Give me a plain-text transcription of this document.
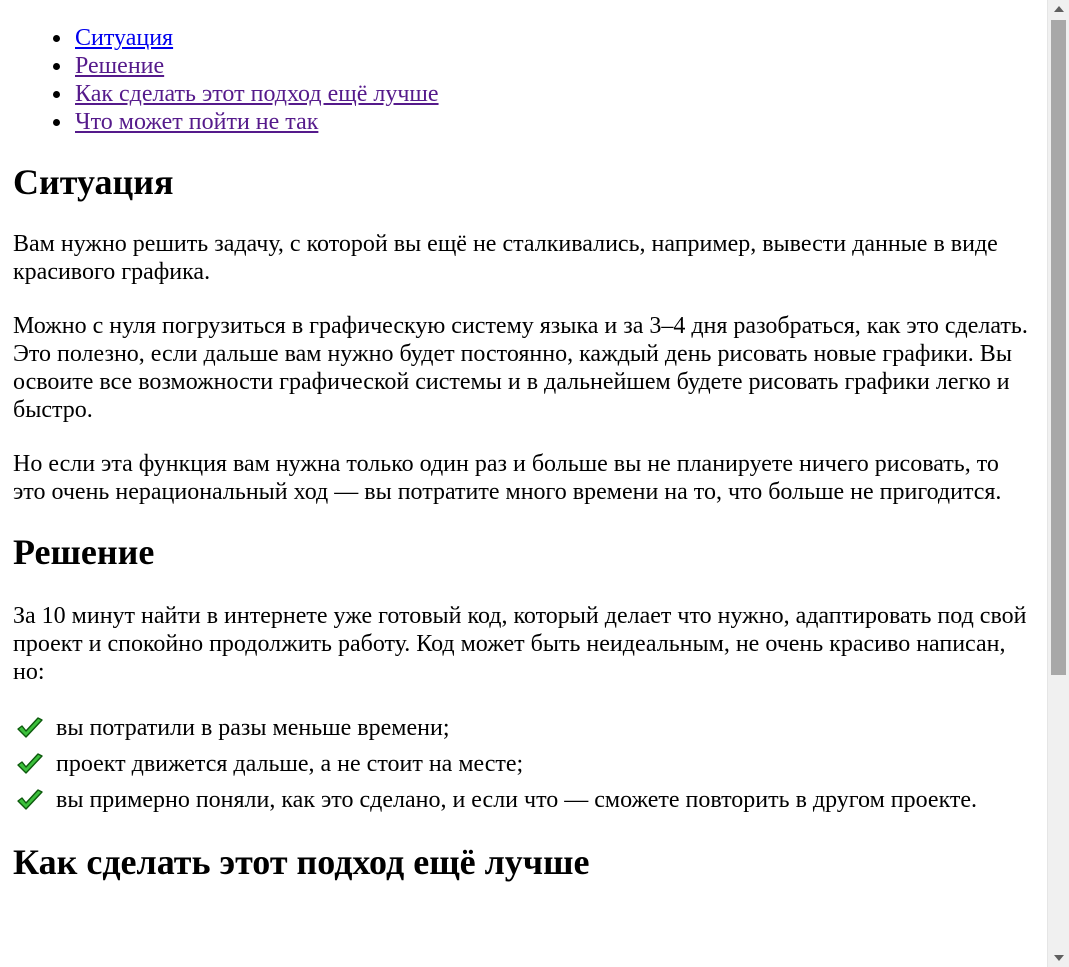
Ситуация
Решение
Как сделать этот подход ещё лучше
Что может пойти не так
Ситуация

Вам нужно решить задачу, с которой вы ещё не сталкивались, например, вывести данные в виде красивого графика.

Можно с нуля погрузиться в графическую систему языка и за 3–4 дня разобраться, как это сделать. Это полезно, если дальше вам нужно будет постоянно, каждый день рисовать новые графики. Вы освоите все возможности графической системы и в дальнейшем будете рисовать графики легко и быстро.

Но если эта функция вам нужна только один раз и больше вы не планируете ничего рисовать, то это очень нерациональный ход — вы потратите много времени на то, что больше не пригодится.

Решение

За 10 минут найти в интернете уже готовый код, который делает что нужно, адаптировать под свой проект и спокойно продолжить работу. Код может быть неидеальным, не очень красиво написан, но:

вы потратили в разы меньше времени;
проект движется дальше, а не стоит на месте;
вы примерно поняли, как это сделано, и если что — сможете повторить в другом проекте.
Как сделать этот подход ещё лучше
